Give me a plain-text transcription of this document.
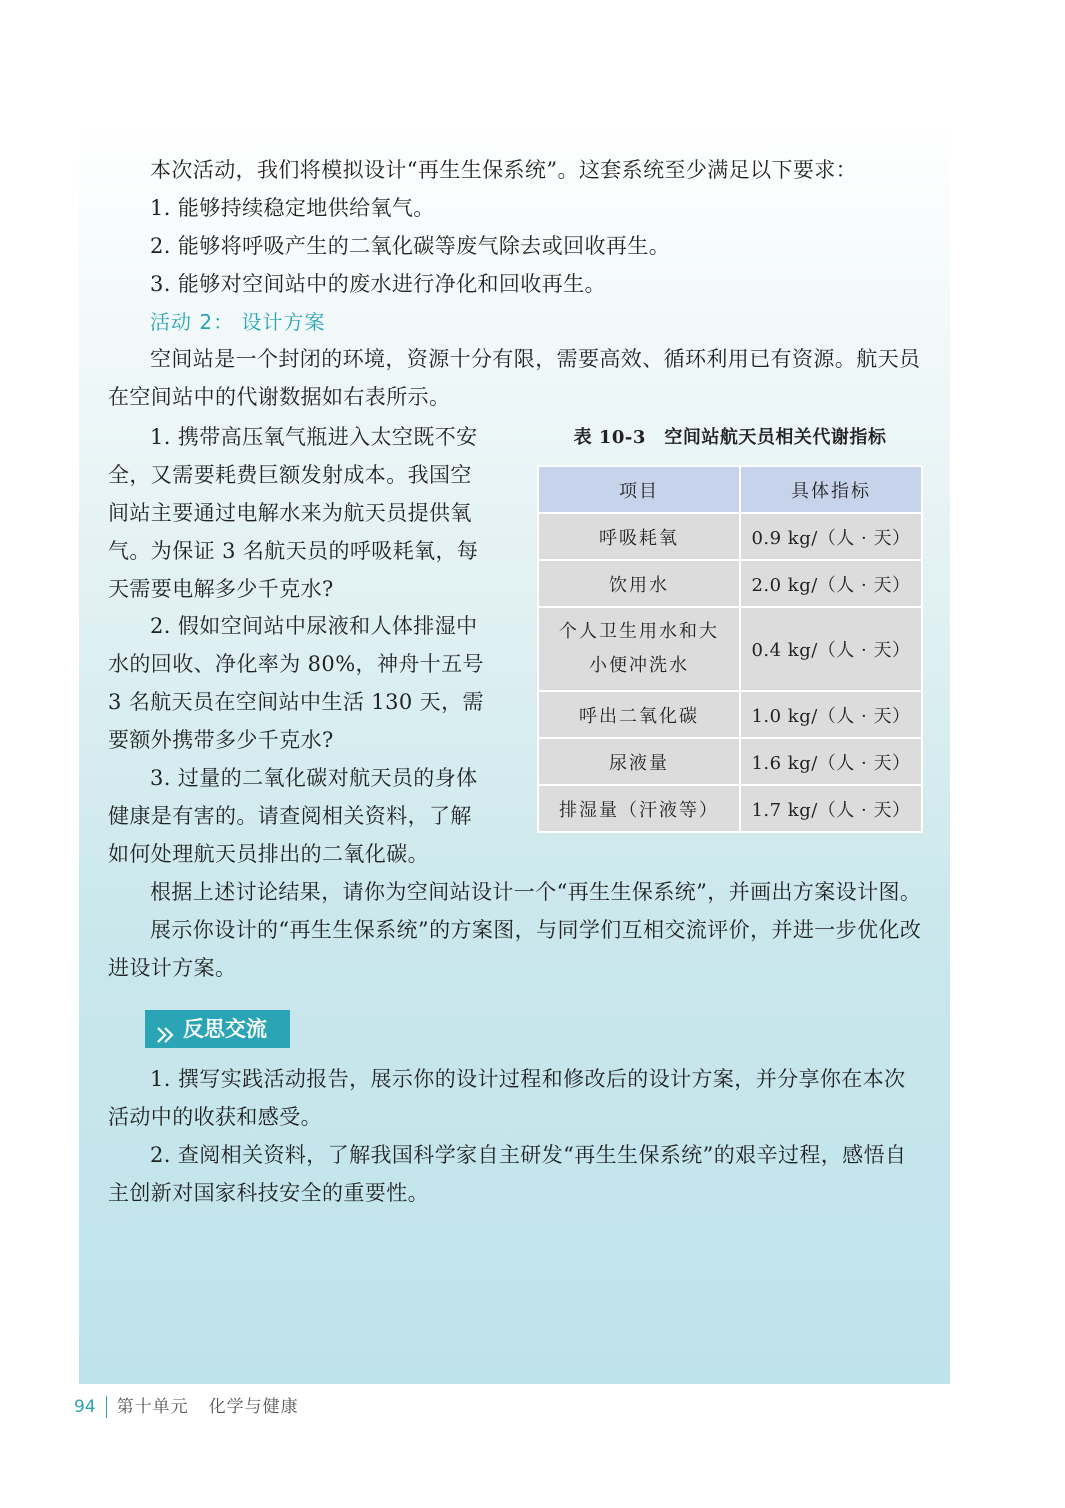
本次活动，我们将模拟设计“再生生保系统”。这套系统至少满足以下要求：

1. 能够持续稳定地供给氧气。

2. 能够将呼吸产生的二氧化碳等废气除去或回收再生。

3. 能够对空间站中的废水进行净化和回收再生。

活动 2： 设计方案

空间站是一个封闭的环境，资源十分有限，需要高效、循环利用已有资源。航天员在空间站中的代谢数据如右表所示。

1. 携带高压氧气瓶进入太空既不安全，又需要耗费巨额发射成本。我国空间站主要通过电解水来为航天员提供氧气。为保证 3 名航天员的呼吸耗氧，每天需要电解多少千克水?

2. 假如空间站中尿液和人体排湿中水的回收、净化率为 80%，神舟十五号 3 名航天员在空间站中生活 130 天，需要额外携带多少千克水?

3. 过量的二氧化碳对航天员的身体健康是有害的。请查阅相关资料，了解如何处理航天员排出的二氧化碳。

表 10-3　空间站航天员相关代谢指标
项目	具体指标
呼吸耗氧	0.9 kg/（人 · 天）
饮用水	2.0 kg/（人 · 天）
个人卫生用水和大小便冲洗水	0.4 kg/（人 · 天）
呼出二氧化碳	1.0 kg/（人 · 天）
尿液量	1.6 kg/（人 · 天）
排湿量（汗液等）	1.7 kg/（人 · 天）

根据上述讨论结果，请你为空间站设计一个“再生生保系统”，并画出方案设计图。

展示你设计的“再生生保系统”的方案图，与同学们互相交流评价，并进一步优化改进设计方案。

反思交流

1. 撰写实践活动报告，展示你的设计过程和修改后的设计方案，并分享你在本次活动中的收获和感受。

2. 查阅相关资料，了解我国科学家自主研发“再生生保系统”的艰辛过程，感悟自主创新对国家科技安全的重要性。

94 第十单元 化学与健康
